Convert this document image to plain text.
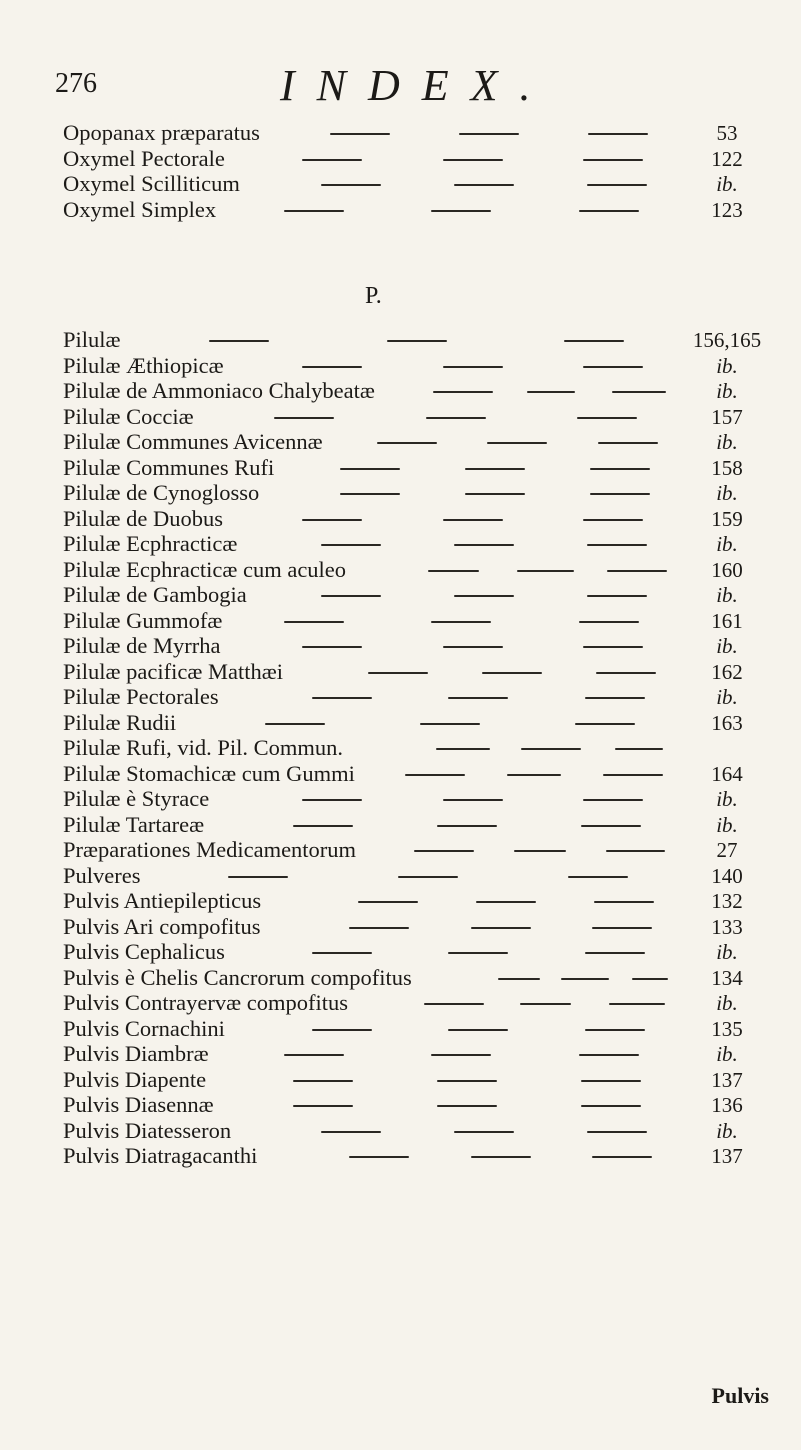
276	INDEX.
P.
Opopanax præparatus	53
Oxymel Pectorale	122
Oxymel Scilliticum	ib.
Oxymel Simplex	123
Pilulæ	156,165
Pilulæ Æthiopicæ	ib.
Pilulæ de Ammoniaco Chalybeatæ	ib.
Pilulæ Cocciæ	157
Pilulæ Communes Avicennæ	ib.
Pilulæ Communes Rufi	158
Pilulæ de Cynoglosso	ib.
Pilulæ de Duobus	159
Pilulæ Ecphracticæ	ib.
Pilulæ Ecphracticæ cum aculeo	160
Pilulæ de Gambogia	ib.
Pilulæ Gummofæ	161
Pilulæ de Myrrha	ib.
Pilulæ pacificæ Matthæi	162
Pilulæ Pectorales	ib.
Pilulæ Rudii	163
Pilulæ Rufi, vid. Pil. Commun.
Pilulæ Stomachicæ cum Gummi	164
Pilulæ è Styrace	ib.
Pilulæ Tartareæ	ib.
Præparationes Medicamentorum	27
Pulveres	140
Pulvis Antiepilepticus	132
Pulvis Ari compofitus	133
Pulvis Cephalicus	ib.
Pulvis è Chelis Cancrorum compofitus	134
Pulvis Contrayervæ compofitus	ib.
Pulvis Cornachini	135
Pulvis Diambræ	ib.
Pulvis Diapente	137
Pulvis Diasennæ	136
Pulvis Diatesseron	ib.
Pulvis Diatragacanthi	137
Pulvis
